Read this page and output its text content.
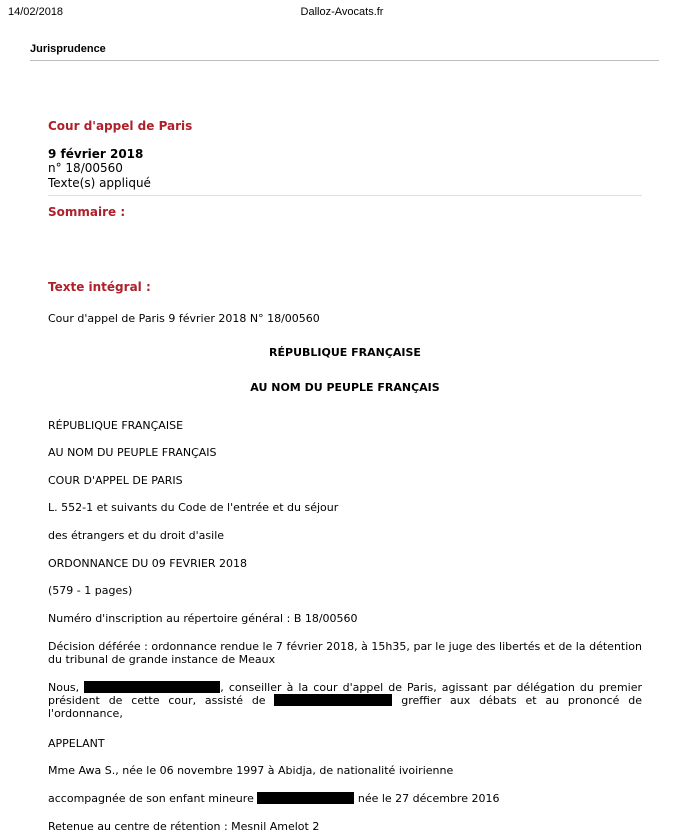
14/02/2018	Dalloz-Avocats.fr
Jurisprudence
Cour d'appel de Paris
9 février 2018
n° 18/00560
Texte(s) appliqué
Sommaire :
Texte intégral :
Cour d'appel de Paris 9 février 2018 N° 18/00560
RÉPUBLIQUE FRANÇAISE
AU NOM DU PEUPLE FRANÇAIS
RÉPUBLIQUE FRANÇAISE
AU NOM DU PEUPLE FRANÇAIS
COUR D'APPEL DE PARIS
L. 552-1 et suivants du Code de l'entrée et du séjour
des étrangers et du droit d'asile
ORDONNANCE DU 09 FEVRIER 2018
(579 - 1 pages)
Numéro d'inscription au répertoire général : B 18/00560
Décision déférée : ordonnance rendue le 7 février 2018, à 15h35, par le juge des libertés et de la détention du tribunal de grande instance de Meaux
Nous,	, conseiller à la cour d'appel de Paris, agissant par délégation du premier président de cette cour, assisté de	greffier aux débats et au prononcé de l'ordonnance,
APPELANT
Mme Awa S., née le 06 novembre 1997 à Abidja, de nationalité ivoirienne
accompagnée de son enfant mineure	née le 27 décembre 2016
Retenue au centre de rétention : Mesnil Amelot 2
